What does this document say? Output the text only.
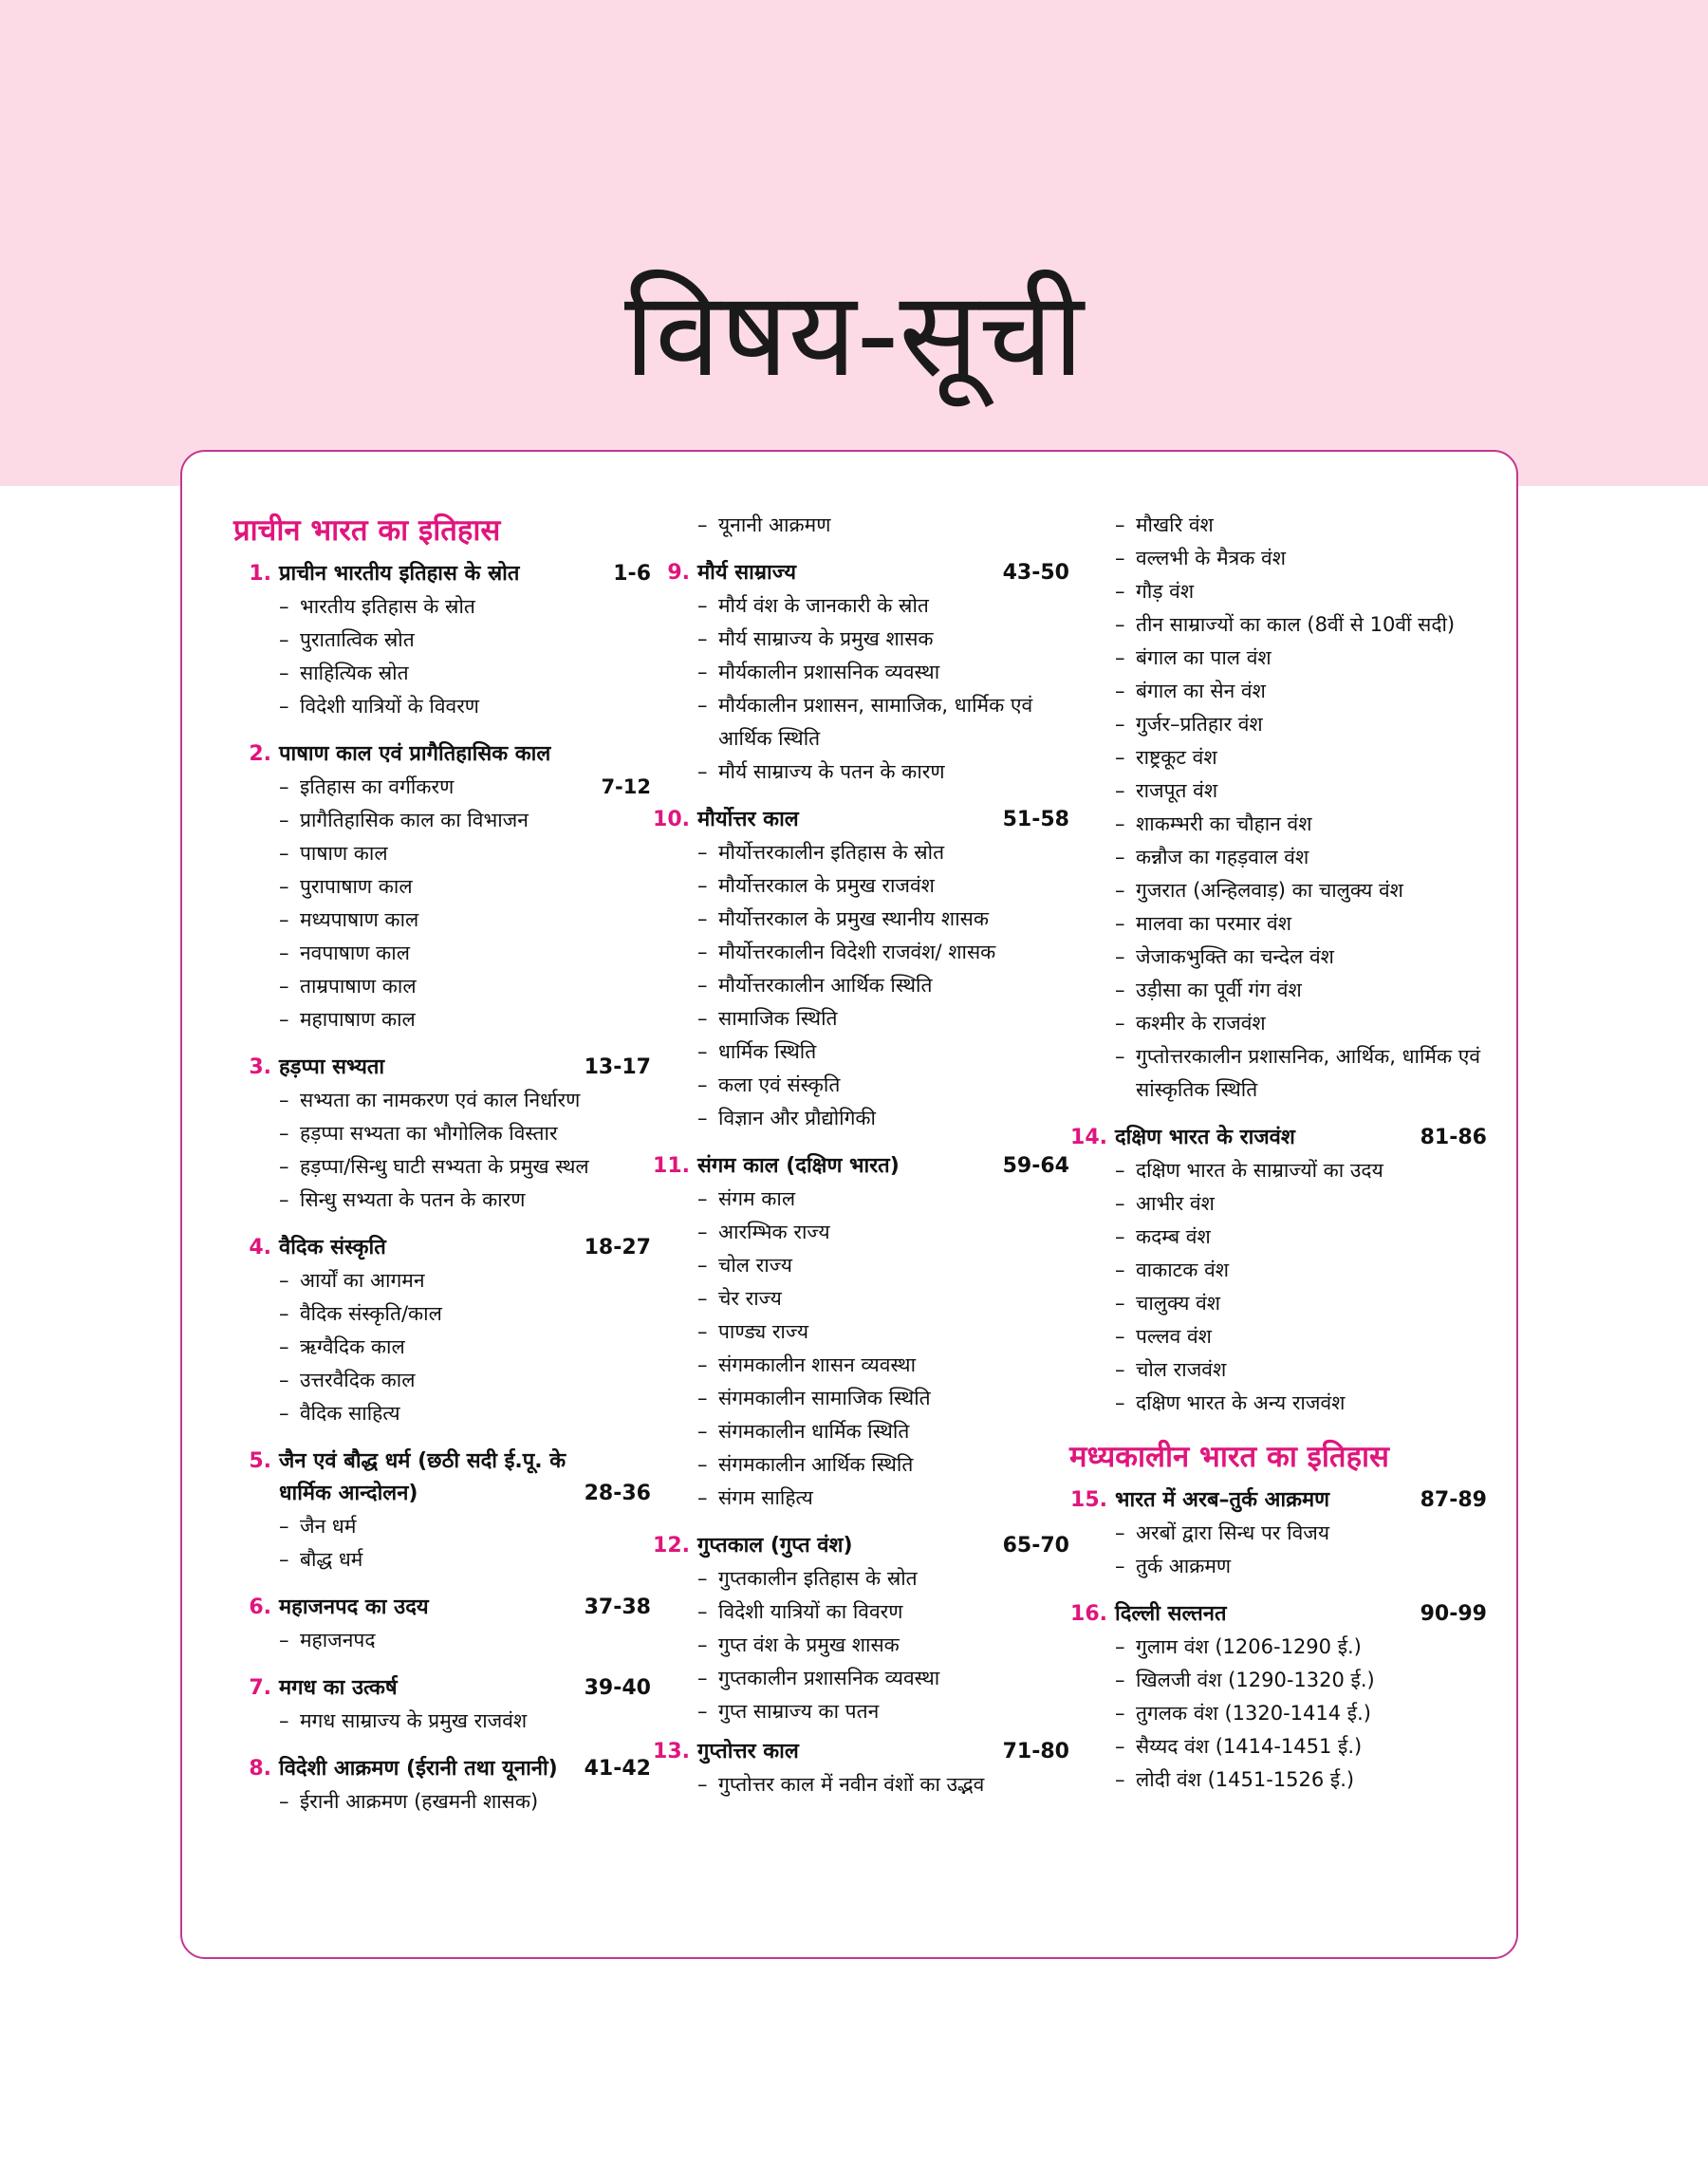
विषय-सूची
प्राचीन भारत का इतिहास
1. प्राचीन भारतीय इतिहास के स्रोत	1-6
– भारतीय इतिहास के स्रोत
– पुरातात्विक स्रोत
– साहित्यिक स्रोत
– विदेशी यात्रियों के विवरण
2. पाषाण काल एवं प्रागैतिहासिक काल
– इतिहास का वर्गीकरण	7-12
– प्रागैतिहासिक काल का विभाजन
– पाषाण काल
– पुरापाषाण काल
– मध्यपाषाण काल
– नवपाषाण काल
– ताम्रपाषाण काल
– महापाषाण काल
3. हड़प्पा सभ्यता	13-17
– सभ्यता का नामकरण एवं काल निर्धारण
– हड़प्पा सभ्यता का भौगोलिक विस्तार
– हड़प्पा/सिन्धु घाटी सभ्यता के प्रमुख स्थल
– सिन्धु सभ्यता के पतन के कारण
4. वैदिक संस्कृति	18-27
– आर्यों का आगमन
– वैदिक संस्कृति/काल
– ऋग्वैदिक काल
– उत्तरवैदिक काल
– वैदिक साहित्य
5. जैन एवं बौद्ध धर्म (छठी सदी ई.पू. के धार्मिक आन्दोलन)	28-36
– जैन धर्म
– बौद्ध धर्म
6. महाजनपद का उदय	37-38
– महाजनपद
7. मगध का उत्कर्ष	39-40
– मगध साम्राज्य के प्रमुख राजवंश
8. विदेशी आक्रमण (ईरानी तथा यूनानी)	41-42
– ईरानी आक्रमण (हखमनी शासक)
– यूनानी आक्रमण
9. मौर्य साम्राज्य	43-50
– मौर्य वंश के जानकारी के स्रोत
– मौर्य साम्राज्य के प्रमुख शासक
– मौर्यकालीन प्रशासनिक व्यवस्था
– मौर्यकालीन प्रशासन, सामाजिक, धार्मिक एवं आर्थिक स्थिति
– मौर्य साम्राज्य के पतन के कारण
10. मौर्योत्तर काल	51-58
– मौर्योत्तरकालीन इतिहास के स्रोत
– मौर्योत्तरकाल के प्रमुख राजवंश
– मौर्योत्तरकाल के प्रमुख स्थानीय शासक
– मौर्योत्तरकालीन विदेशी राजवंश/ शासक
– मौर्योत्तरकालीन आर्थिक स्थिति
– सामाजिक स्थिति
– धार्मिक स्थिति
– कला एवं संस्कृति
– विज्ञान और प्रौद्योगिकी
11. संगम काल (दक्षिण भारत)	59-64
– संगम काल
– आरम्भिक राज्य
– चोल राज्य
– चेर राज्य
– पाण्ड्य राज्य
– संगमकालीन शासन व्यवस्था
– संगमकालीन सामाजिक स्थिति
– संगमकालीन धार्मिक स्थिति
– संगमकालीन आर्थिक स्थिति
– संगम साहित्य
12. गुप्तकाल (गुप्त वंश)	65-70
– गुप्तकालीन इतिहास के स्रोत
– विदेशी यात्रियों का विवरण
– गुप्त वंश के प्रमुख शासक
– गुप्तकालीन प्रशासनिक व्यवस्था
– गुप्त साम्राज्य का पतन
13. गुप्तोत्तर काल	71-80
– गुप्तोत्तर काल में नवीन वंशों का उद्भव
– मौखरि वंश
– वल्लभी के मैत्रक वंश
– गौड़ वंश
– तीन साम्राज्यों का काल (8वीं से 10वीं सदी)
– बंगाल का पाल वंश
– बंगाल का सेन वंश
– गुर्जर–प्रतिहार वंश
– राष्ट्रकूट वंश
– राजपूत वंश
– शाकम्भरी का चौहान वंश
– कन्नौज का गहड़वाल वंश
– गुजरात (अन्हिलवाड़) का चालुक्य वंश
– मालवा का परमार वंश
– जेजाकभुक्ति का चन्देल वंश
– उड़ीसा का पूर्वी गंग वंश
– कश्मीर के राजवंश
– गुप्तोत्तरकालीन प्रशासनिक, आर्थिक, धार्मिक एवं सांस्कृतिक स्थिति
14. दक्षिण भारत के राजवंश	81-86
– दक्षिण भारत के साम्राज्यों का उदय
– आभीर वंश
– कदम्ब वंश
– वाकाटक वंश
– चालुक्य वंश
– पल्लव वंश
– चोल राजवंश
– दक्षिण भारत के अन्य राजवंश
मध्यकालीन भारत का इतिहास
15. भारत में अरब–तुर्क आक्रमण	87-89
– अरबों द्वारा सिन्ध पर विजय
– तुर्क आक्रमण
16. दिल्ली सल्तनत	90-99
– गुलाम वंश (1206-1290 ई.)
– खिलजी वंश (1290-1320 ई.)
– तुगलक वंश (1320-1414 ई.)
– सैय्यद वंश (1414-1451 ई.)
– लोदी वंश (1451-1526 ई.)
